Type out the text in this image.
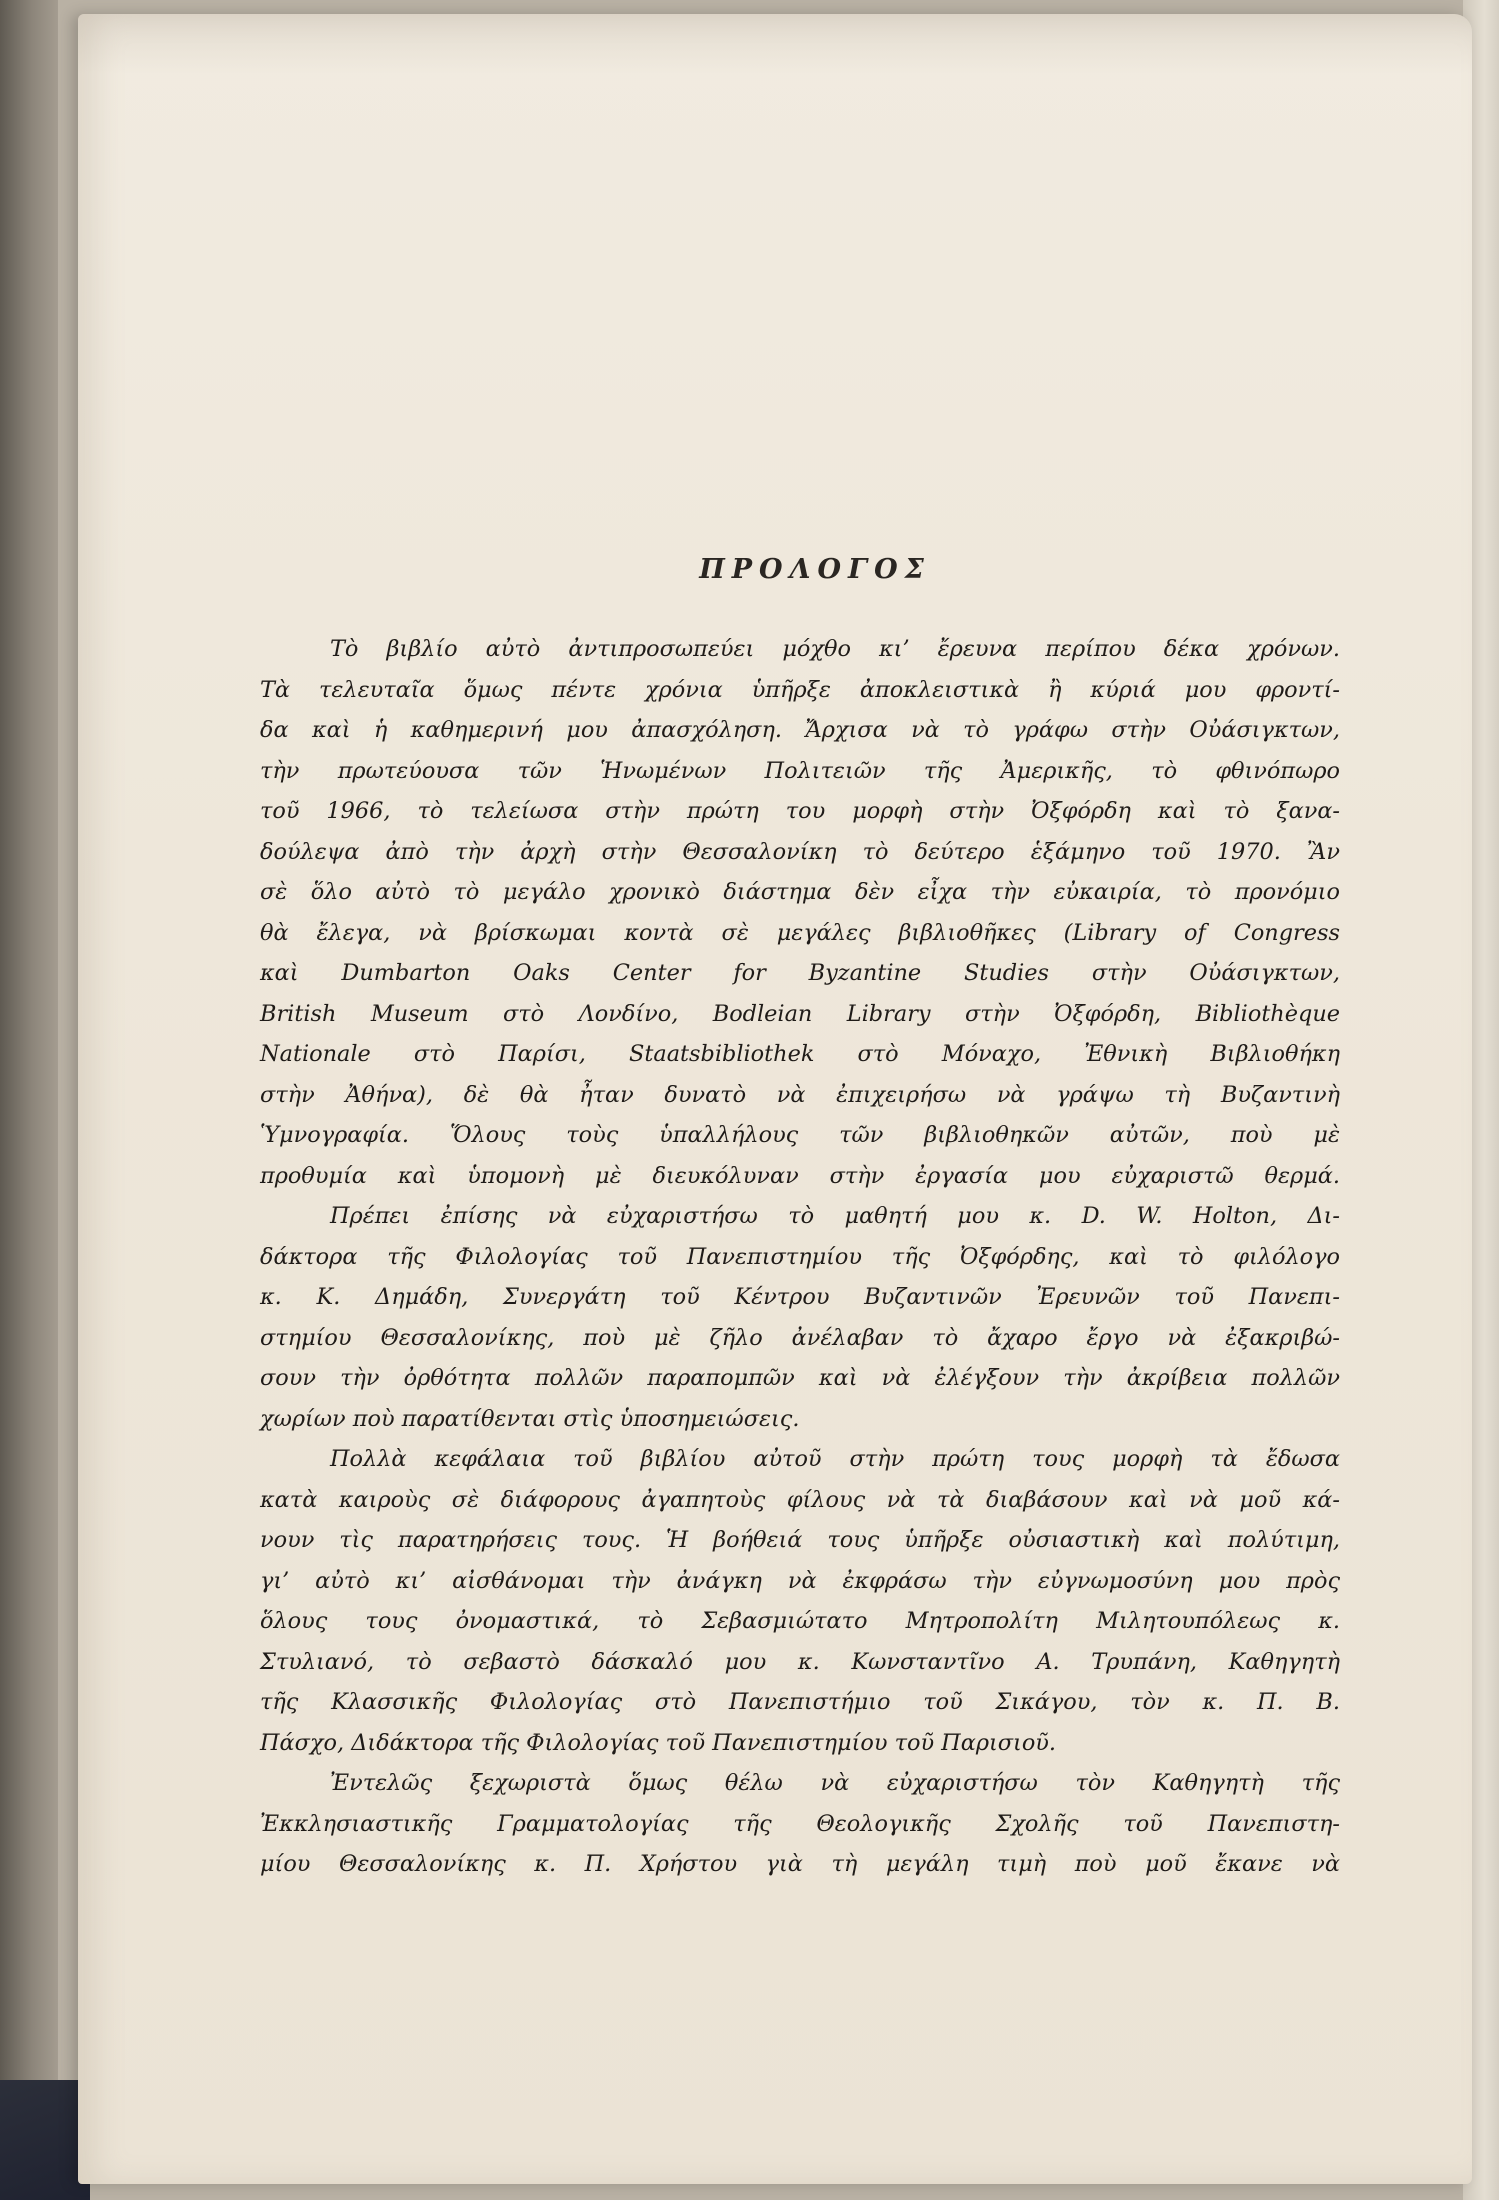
ΠΡΟΛΟΓΟΣ

Τὸ βιβλίο αὐτὸ ἀντιπροσωπεύει μόχθο κι’ ἔρευνα περίπου δέκα χρόνων.
Τὰ τελευταῖα ὅμως πέντε χρόνια ὑπῆρξε ἀποκλειστικὰ ἢ κύριά μου φροντί-
δα καὶ ἡ καθημερινή μου ἀπασχόληση. Ἄρχισα νὰ τὸ γράφω στὴν Οὐάσιγκτων,
τὴν πρωτεύουσα τῶν Ἡνωμένων Πολιτειῶν τῆς Ἀμερικῆς, τὸ φθινόπωρο
τοῦ 1966, τὸ τελείωσα στὴν πρώτη του μορφὴ στὴν Ὀξφόρδη καὶ τὸ ξανα-
δούλεψα ἀπὸ τὴν ἀρχὴ στὴν Θεσσαλονίκη τὸ δεύτερο ἑξάμηνο τοῦ 1970. Ἂν
σὲ ὅλο αὐτὸ τὸ μεγάλο χρονικὸ διάστημα δὲν εἶχα τὴν εὐκαιρία, τὸ προνόμιο
θὰ ἔλεγα, νὰ βρίσκωμαι κοντὰ σὲ μεγάλες βιβλιοθῆκες (Library of Congress
καὶ Dumbarton Oaks Center for Byzantine Studies στὴν Οὐάσιγκτων,
British Museum στὸ Λονδίνο, Bodleian Library στὴν Ὀξφόρδη, Bibliothèque
Nationale στὸ Παρίσι, Staatsbibliothek στὸ Μόναχο, Ἐθνικὴ Βιβλιοθήκη
στὴν Ἀθήνα), δὲ θὰ ἦταν δυνατὸ νὰ ἐπιχειρήσω νὰ γράψω τὴ Βυζαντινὴ
Ὑμνογραφία. Ὅλους τοὺς ὑπαλλήλους τῶν βιβλιοθηκῶν αὐτῶν, ποὺ μὲ
προθυμία καὶ ὑπομονὴ μὲ διευκόλυναν στὴν ἐργασία μου εὐχαριστῶ θερμά.

Πρέπει ἐπίσης νὰ εὐχαριστήσω τὸ μαθητή μου κ. D. W. Holton, Δι-
δάκτορα τῆς Φιλολογίας τοῦ Πανεπιστημίου τῆς Ὀξφόρδης, καὶ τὸ φιλόλογο
κ. Κ. Δημάδη, Συνεργάτη τοῦ Κέντρου Βυζαντινῶν Ἐρευνῶν τοῦ Πανεπι-
στημίου Θεσσαλονίκης, ποὺ μὲ ζῆλο ἀνέλαβαν τὸ ἄχαρο ἔργο νὰ ἐξακριβώ-
σουν τὴν ὀρθότητα πολλῶν παραπομπῶν καὶ νὰ ἐλέγξουν τὴν ἀκρίβεια πολλῶν
χωρίων ποὺ παρατίθενται στὶς ὑποσημειώσεις.

Πολλὰ κεφάλαια τοῦ βιβλίου αὐτοῦ στὴν πρώτη τους μορφὴ τὰ ἔδωσα
κατὰ καιροὺς σὲ διάφορους ἀγαπητοὺς φίλους νὰ τὰ διαβάσουν καὶ νὰ μοῦ κά-
νουν τὶς παρατηρήσεις τους. Ἡ βοήθειά τους ὑπῆρξε οὐσιαστικὴ καὶ πολύτιμη,
γι’ αὐτὸ κι’ αἰσθάνομαι τὴν ἀνάγκη νὰ ἐκφράσω τὴν εὐγνωμοσύνη μου πρὸς
ὅλους τους ὀνομαστικά, τὸ Σεβασμιώτατο Μητροπολίτη Μιλητουπόλεως κ.
Στυλιανό, τὸ σεβαστὸ δάσκαλό μου κ. Κωνσταντῖνο Α. Τρυπάνη, Καθηγητὴ
τῆς Κλασσικῆς Φιλολογίας στὸ Πανεπιστήμιο τοῦ Σικάγου, τὸν κ. Π. Β.
Πάσχο, Διδάκτορα τῆς Φιλολογίας τοῦ Πανεπιστημίου τοῦ Παρισιοῦ.

Ἐντελῶς ξεχωριστὰ ὅμως θέλω νὰ εὐχαριστήσω τὸν Καθηγητὴ τῆς
Ἐκκλησιαστικῆς Γραμματολογίας τῆς Θεολογικῆς Σχολῆς τοῦ Πανεπιστη-
μίου Θεσσαλονίκης κ. Π. Χρήστου γιὰ τὴ μεγάλη τιμὴ ποὺ μοῦ ἔκανε νὰ
